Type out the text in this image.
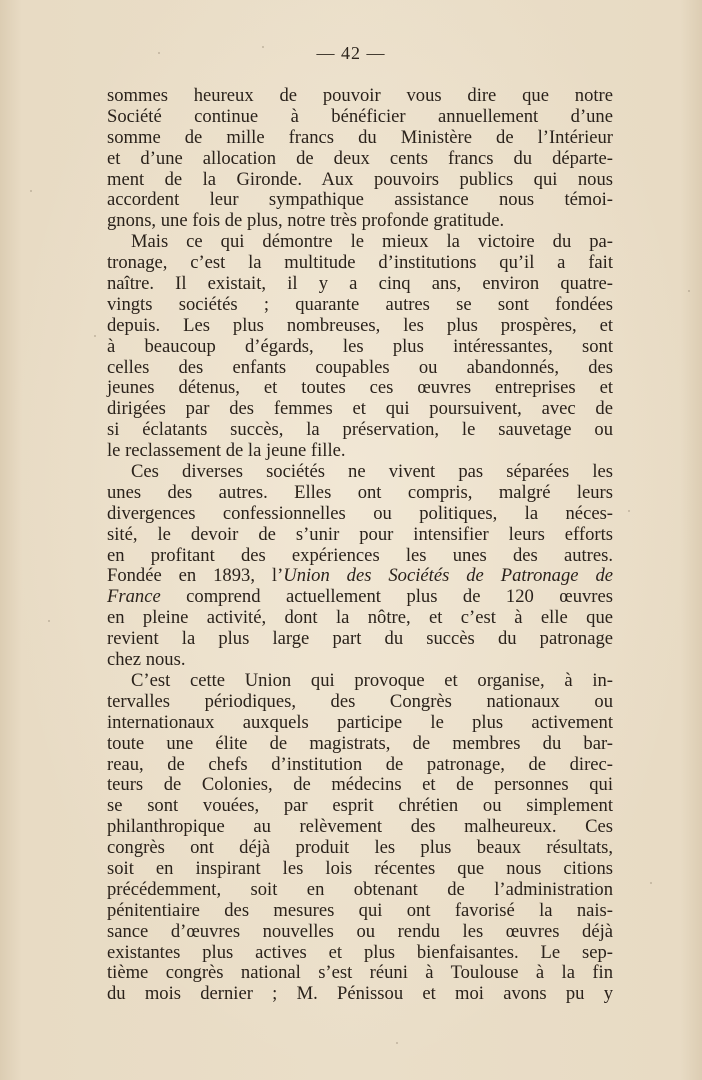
— 42 —
sommes heureux de pouvoir vous dire que notre
Société continue à bénéficier annuellement d’une
somme de mille francs du Ministère de l’Intérieur
et d’une allocation de deux cents francs du départe-
ment de la Gironde. Aux pouvoirs publics qui nous
accordent leur sympathique assistance nous témoi-
gnons, une fois de plus, notre très profonde gratitude.
Mais ce qui démontre le mieux la victoire du pa-
tronage, c’est la multitude d’institutions qu’il a fait
naître. Il existait, il y a cinq ans, environ quatre-
vingts sociétés ; quarante autres se sont fondées
depuis. Les plus nombreuses, les plus prospères, et
à beaucoup d’égards, les plus intéressantes, sont
celles des enfants coupables ou abandonnés, des
jeunes détenus, et toutes ces œuvres entreprises et
dirigées par des femmes et qui poursuivent, avec de
si éclatants succès, la préservation, le sauvetage ou
le reclassement de la jeune fille.
Ces diverses sociétés ne vivent pas séparées les
unes des autres. Elles ont compris, malgré leurs
divergences confessionnelles ou politiques, la néces-
sité, le devoir de s’unir pour intensifier leurs efforts
en profitant des expériences les unes des autres.
Fondée en 1893, l’Union des Sociétés de Patronage de
France comprend actuellement plus de 120 œuvres
en pleine activité, dont la nôtre, et c’est à elle que
revient la plus large part du succès du patronage
chez nous.
C’est cette Union qui provoque et organise, à in-
tervalles périodiques, des Congrès nationaux ou
internationaux auxquels participe le plus activement
toute une élite de magistrats, de membres du bar-
reau, de chefs d’institution de patronage, de direc-
teurs de Colonies, de médecins et de personnes qui
se sont vouées, par esprit chrétien ou simplement
philanthropique au relèvement des malheureux. Ces
congrès ont déjà produit les plus beaux résultats,
soit en inspirant les lois récentes que nous citions
précédemment, soit en obtenant de l’administration
pénitentiaire des mesures qui ont favorisé la nais-
sance d’œuvres nouvelles ou rendu les œuvres déjà
existantes plus actives et plus bienfaisantes. Le sep-
tième congrès national s’est réuni à Toulouse à la fin
du mois dernier ; M. Pénissou et moi avons pu y
